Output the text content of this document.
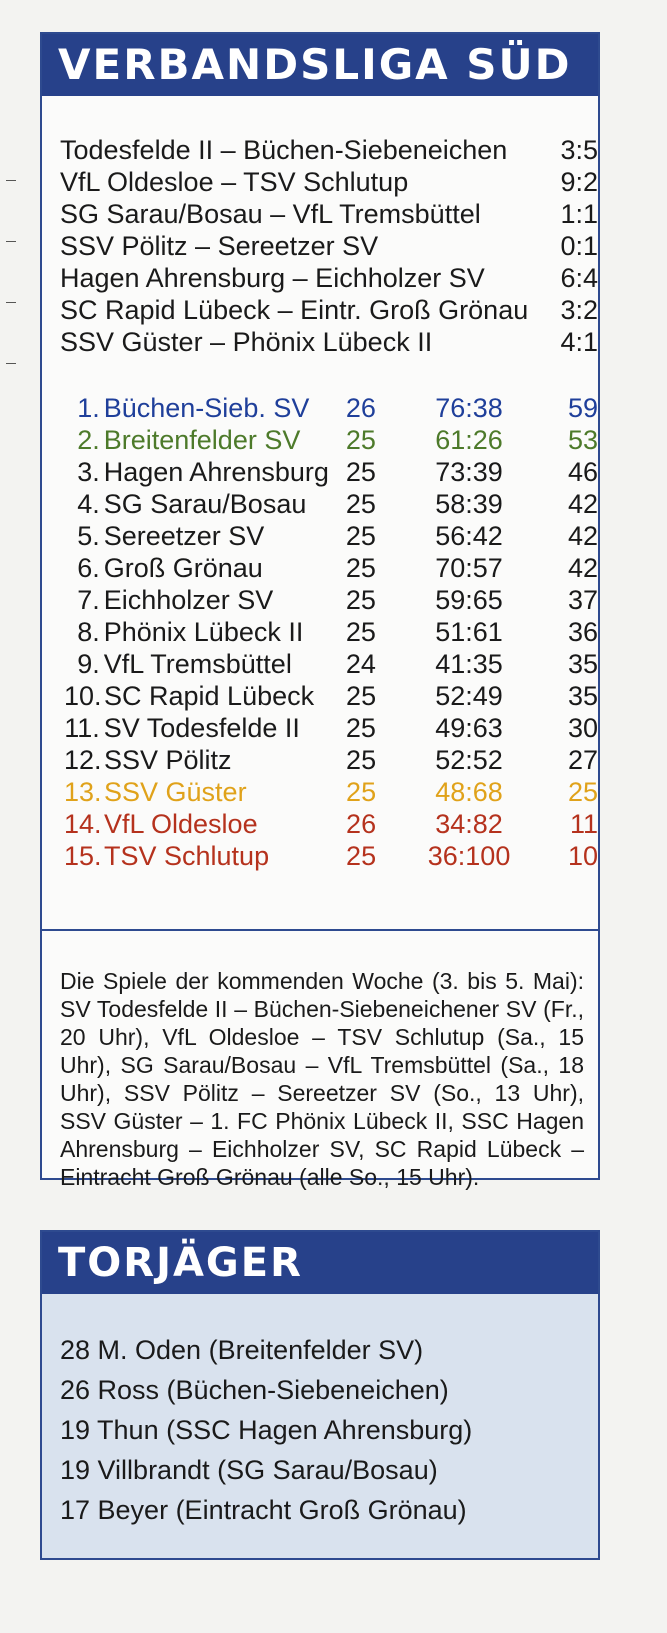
VERBANDSLIGA SÜD
Todesfelde II – Büchen-Siebeneichen	3:5
VfL Oldesloe – TSV Schlutup	9:2
SG Sarau/Bosau – VfL Tremsbüttel	1:1
SSV Pölitz – Sereetzer SV	0:1
Hagen Ahrensburg – Eichholzer SV	6:4
SC Rapid Lübeck – Eintr. Groß Grönau	3:2
SSV Güster – Phönix Lübeck II	4:1
1. Büchen-Sieb. SV	26	76:38	59
2. Breitenfelder SV	25	61:26	53
3. Hagen Ahrensburg 25	73:39	46
4. SG Sarau/Bosau	25	58:39	42
5. Sereetzer SV	25	56:42	42
6. Groß Grönau	25	70:57	42
7. Eichholzer SV	25	59:65	37
8. Phönix Lübeck II	25	51:61	36
9. VfL Tremsbüttel	24	41:35	35
10. SC Rapid Lübeck	25	52:49	35
11. SV Todesfelde II	25	49:63	30
12. SSV Pölitz	25	52:52	27
13. SSV Güster	25	48:68	25
14. VfL Oldesloe	26	34:82	11
15. TSV Schlutup	25	36:100	10

Die Spiele der kommenden Woche (3. bis 5. Mai): SV Todesfelde II – Büchen-Siebeneichener SV (Fr., 20 Uhr), VfL Oldesloe – TSV Schlutup (Sa., 15 Uhr), SG Sarau/Bosau – VfL Tremsbüttel (Sa., 18 Uhr), SSV Pölitz – Sereetzer SV (So., 13 Uhr), SSV Güster – 1. FC Phönix Lübeck II, SSC Hagen Ahrensburg – Eichholzer SV, SC Rapid Lübeck – Eintracht Groß Grönau (alle So., 15 Uhr).

TORJÄGER
28 M. Oden (Breitenfelder SV)
26 Ross (Büchen-Siebeneichen)
19 Thun (SSC Hagen Ahrensburg)
19 Villbrandt (SG Sarau/Bosau)
17 Beyer (Eintracht Groß Grönau)
